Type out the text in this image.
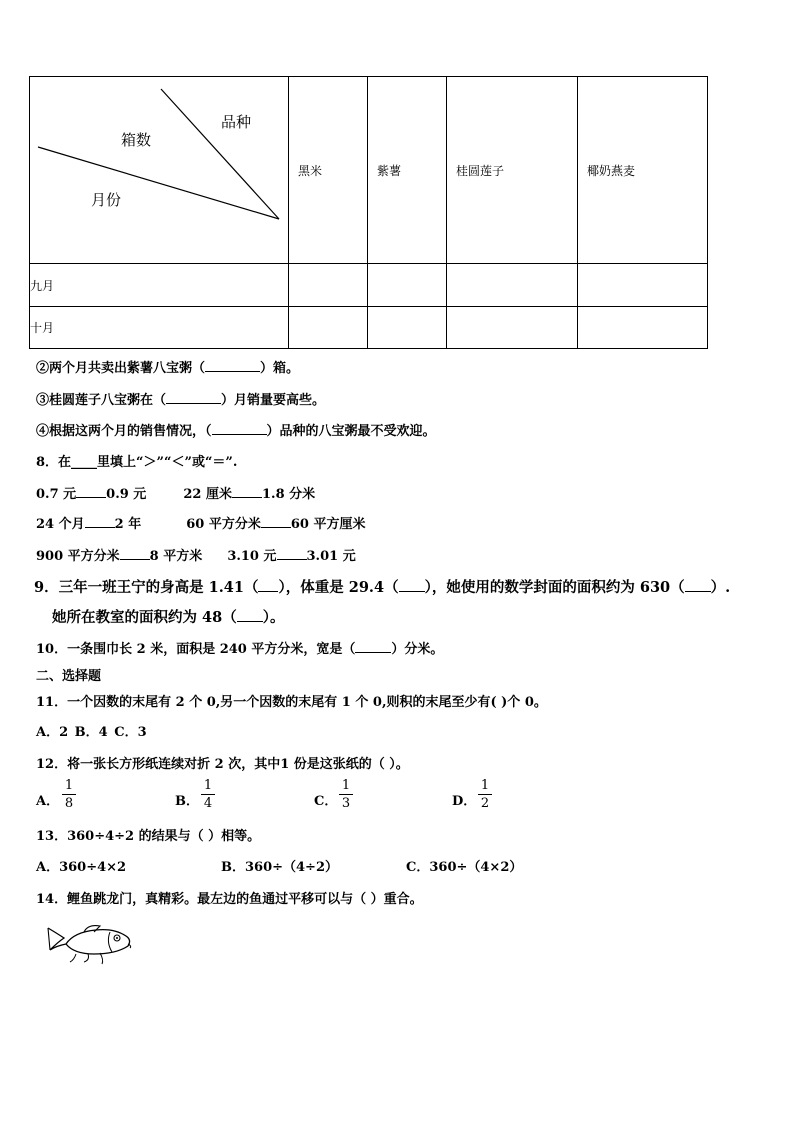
品种
箱数
月份	黑米	紫薯	桂圆莲子	椰奶燕麦
九月				
十月				
②两个月共卖出紫薯八宝粥（	）箱。
③桂圆莲子八宝粥在（	）月销量要高些。
④根据这两个月的销售情况，（	）品种的八宝粥最不受欢迎。
8．在____里填上“＞”“＜”或“＝”.
0.7 元 0.9 元	22 厘米 1.8 分米
24 个月 2 年	60 平方分米 60 平方厘米
900 平方分米 8 平方米 3.10 元 3.01 元
9．三年一班王宁的身高是 1.41（ ），体重是 29.4（ ），她使用的数学封面的面积约为 630（ ）.
她所在教室的面积约为 48（ ）。
10．一条围巾长 2 米，面积是 240 平方分米，宽是（	）分米。
二、选择题
11．一个因数的末尾有 2 个 0,另一个因数的末尾有 1 个 0,则积的末尾至少有( )个 0。
A．2 B．4 C．3
12．将一张长方形纸连续对折 2 次，其中1 份是这张纸的（ ）。
A． $\frac{1}{8}$	B． $\frac{1}{4}$	C． $\frac{1}{3}$	D． $\frac{1}{2}$
13．360÷4÷2 的结果与（ ）相等。
A．360÷4×2	B．360÷（4÷2）	C．360÷（4×2）
14．鲤鱼跳龙门，真精彩。最左边的鱼通过平移可以与（ ）重合。
